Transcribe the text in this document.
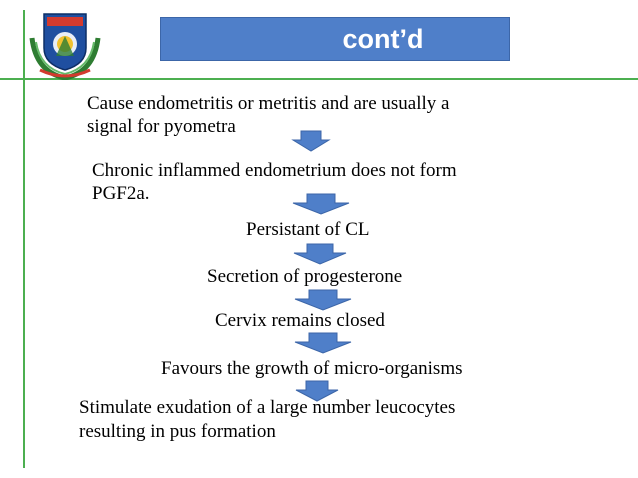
cont’d
Cause endometritis or metritis and are usually a
signal for pyometra
Chronic inflammed endometrium does not form
PGF2a.
Persistant of CL
Secretion of progesterone
Cervix remains closed
Favours the growth of micro-organisms
Stimulate exudation of a large number leucocytes
resulting in pus formation
